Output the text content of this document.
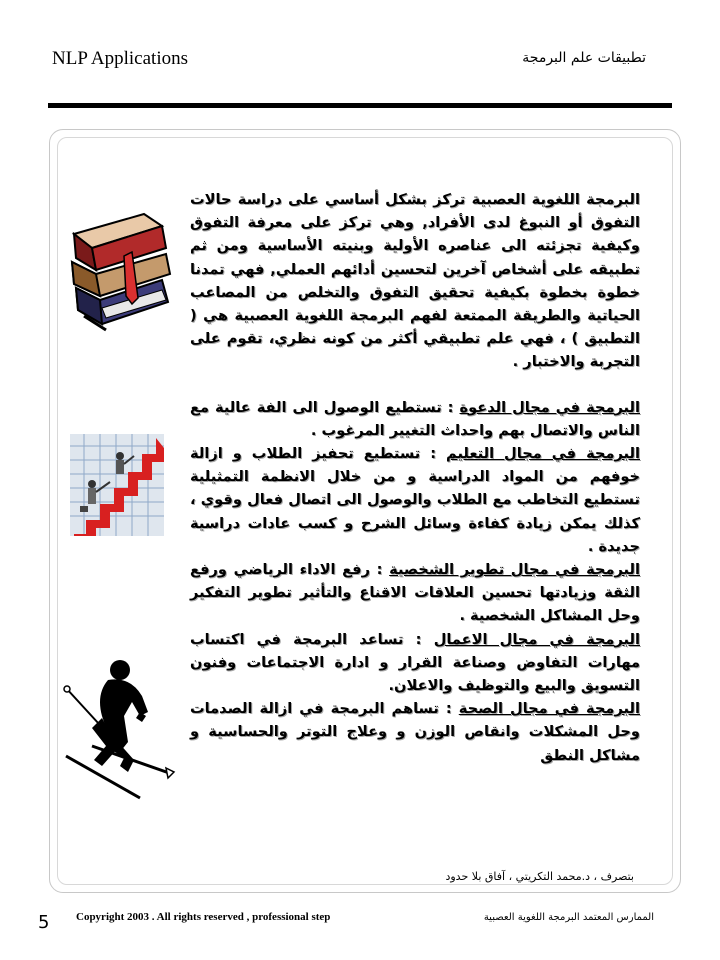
NLP Applications	تطبيقات علم البرمجة

البرمجة اللغوية العصبية تركز بشكل أساسي على دراسة حالات التفوق أو النبوغ لدى الأفراد, وهي تركز على معرفة التفوق وكيفية تجزئته الى عناصره الأولية وبنيته الأساسية ومن ثم تطبيقه على أشخاص آخرين لتحسين أدائهم العملي, فهي تمدنا خطوة بخطوة بكيفية تحقيق التفوق والتخلص من المصاعب الحياتية والطريقة الممتعة لفهم البرمجة اللغوية العصبية هي ( التطبيق ) ، فهي علم تطبيقي أكثر من كونه نظري، تقوم على التجربة والاختبار .

البرمجة في مجال الدعوة : تستطيع الوصول الى الفة عالية مع الناس والاتصال بهم واحداث التغيير المرغوب .

البرمجة في مجال التعليم : تستطيع تحفيز الطلاب و ازالة خوفهم من المواد الدراسية و من خلال الانظمة التمثيلية تستطيع التخاطب مع الطلاب والوصول الى اتصال فعال وقوي ، كذلك يمكن زيادة كفاءة وسائل الشرح و كسب عادات دراسية جديدة .

البرمجة في مجال تطوير الشخصية : رفع الاداء الرياضي ورفع الثقة وزيادتها تحسين العلاقات الاقناع والتأثير تطوير التفكير وحل المشاكل الشخصية .

البرمجة في مجال الاعمال : تساعد البرمجة في اكتساب مهارات التفاوض وصناعة القرار و ادارة الاجتماعات وفنون التسويق والبيع والتوظيف والاعلان.

البرمجة في مجال الصحة : تساهم البرمجة في ازالة الصدمات وحل المشكلات وانقاص الوزن و وعلاج التوتر والحساسية و مشاكل النطق

بتصرف ، د.محمد التكريتي ، آفاق بلا حدود
5 Copyright 2003 . All rights reserved , professional step	الممارس المعتمد البرمجة اللغوية العصبية
